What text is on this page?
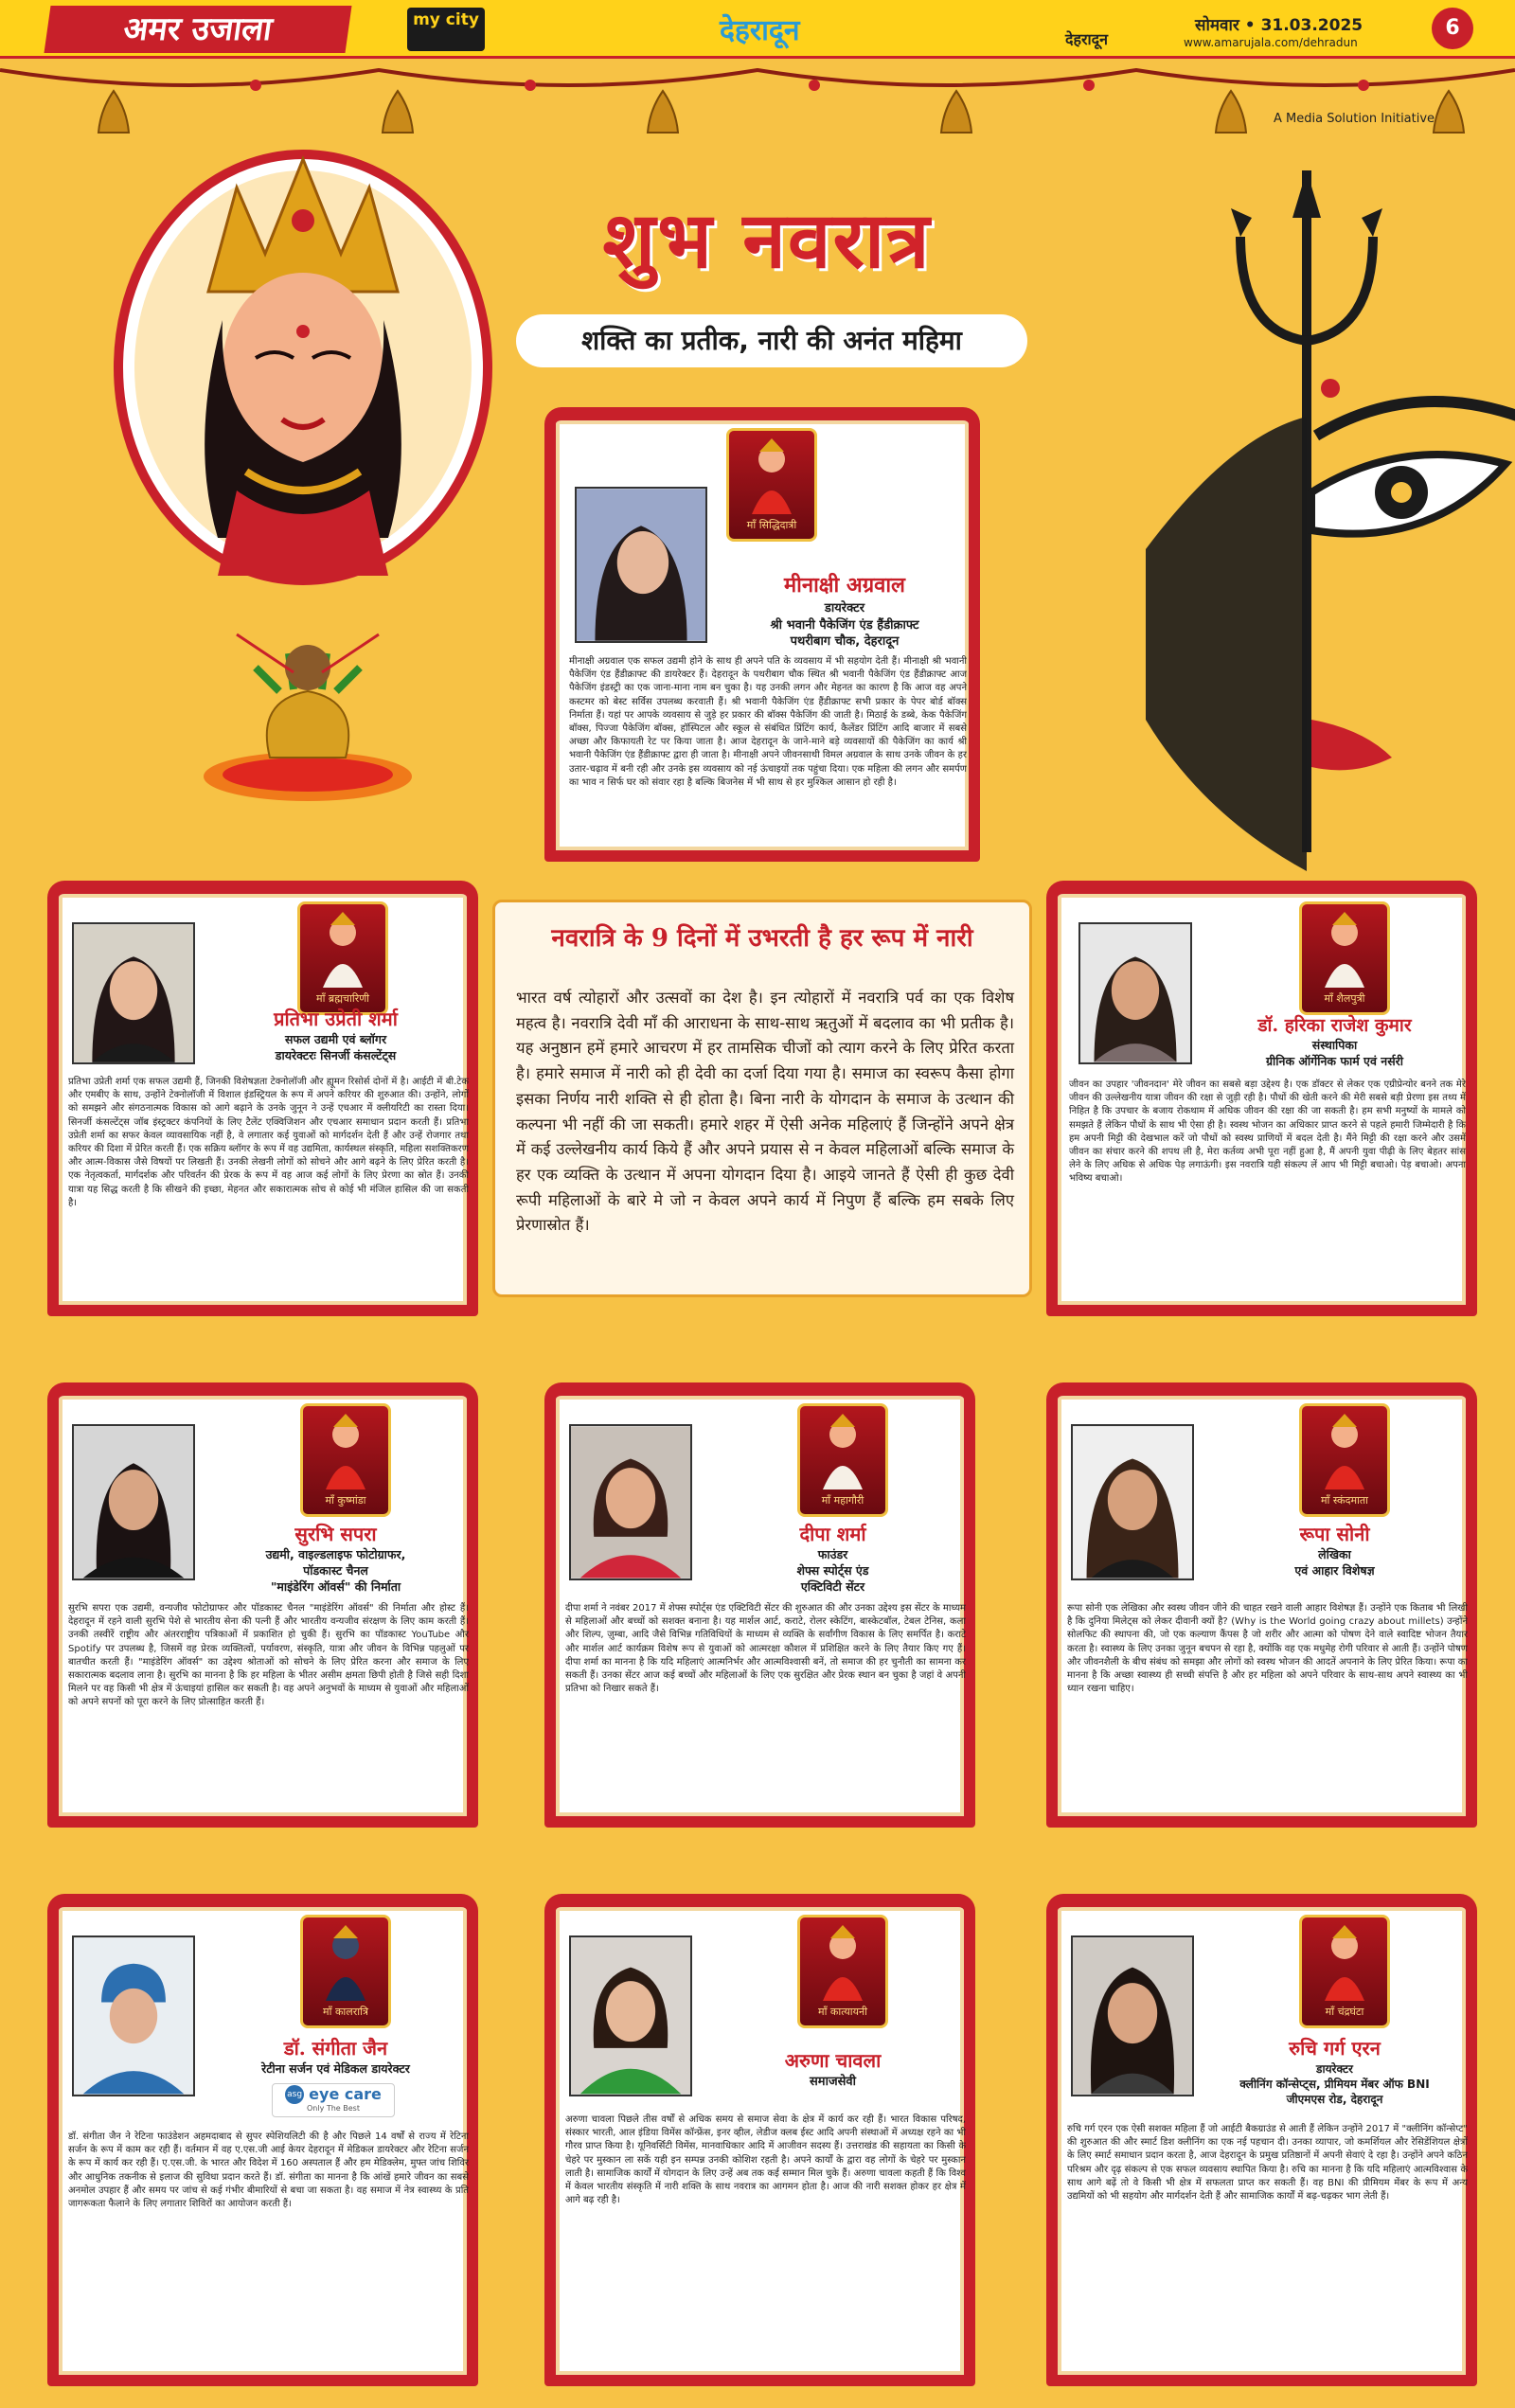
अमर उजाला	my city	देहरादून	देहरादून
सोमवार • 31.03.2025
www.amarujala.com/dehradun
6
A Media Solution Initiative
शुभ नवरात्र
शक्ति का प्रतीक, नारी की अनंत महिमा
नवरात्रि के 9 दिनों में उभरती है हर रूप में नारी
भारत वर्ष त्योहारों और उत्सवों का देश है। इन त्योहारों में नवरात्रि पर्व का एक विशेष महत्व है। नवरात्रि देवी माँ की आराधना के साथ-साथ ऋतुओं में बदलाव का भी प्रतीक है। यह अनुष्ठान हमें हमारे आचरण में हर तामसिक चीजों को त्याग करने के लिए प्रेरित करता है। हमारे समाज में नारी को ही देवी का दर्जा दिया गया है। समाज का स्वरूप कैसा होगा इसका निर्णय नारी शक्ति से ही होता है। बिना नारी के योगदान के समाज के उत्थान की कल्पना भी नहीं की जा सकती। हमारे शहर में ऐसी अनेक महिलाएं हैं जिन्होंने अपने क्षेत्र में कई उल्लेखनीय कार्य किये हैं और अपने प्रयास से न केवल महिलाओं बल्कि समाज के हर एक व्यक्ति के उत्थान में अपना योगदान दिया है। आइये जानते हैं ऐसी ही कुछ देवी रूपी महिलाओं के बारे मे जो न केवल अपने कार्य में निपुण हैं बल्कि हम सबके लिए प्रेरणास्रोत हैं।
माँ सिद्धिदात्री
मीनाक्षी अग्रवाल
डायरेक्टर
श्री भवानी पैकेजिंग एंड हैंडीक्राफ्ट
पथरीबाग चौक, देहरादून
मीनाक्षी अग्रवाल एक सफल उद्यमी होने के साथ ही अपने पति के व्यवसाय में भी सहयोग देती हैं। मीनाक्षी श्री भवानी पैकेजिंग एंड हैंडीक्राफ्ट की डायरेक्टर हैं। देहरादून के पथरीबाग चौक स्थित श्री भवानी पैकेजिंग एंड हैंडीक्राफ्ट आज पैकेजिंग इंडस्ट्री का एक जाना-माना नाम बन चुका है। यह उनकी लगन और मेहनत का कारण है कि आज वह अपने कस्टमर को बेस्ट सर्विस उपलब्ध करवाती हैं। श्री भवानी पैकेजिंग एंड हैंडीक्राफ्ट सभी प्रकार के पेपर बोर्ड बॉक्स निर्माता हैं। यहां पर आपके व्यवसाय से जुड़े हर प्रकार की बॉक्स पैकेजिंग की जाती है। मिठाई के डब्बे, केक पैकेजिंग बॉक्स, पिज्जा पैकेजिंग बॉक्स, हॉस्पिटल और स्कूल से संबंधित प्रिंटिंग कार्य, कैलेंडर प्रिंटिंग आदि बाजार में सबसे अच्छा और किफायती रेट पर किया जाता है। आज देहरादून के जाने-माने बड़े व्यवसायों की पैकेजिंग का कार्य श्री भवानी पैकेजिंग एंड हैंडीक्राफ्ट द्वारा ही जाता है। मीनाक्षी अपने जीवनसाथी विमल अग्रवाल के साथ उनके जीवन के हर उतार-चढ़ाव में बनी रही और उनके इस व्यवसाय को नई ऊंचाइयों तक पहुंचा दिया। एक महिला की लगन और समर्पण का भाव न सिर्फ घर को संवार रहा है बल्कि बिजनेस में भी साथ से हर मुश्किल आसान हो रही है।
माँ ब्रह्मचारिणी
प्रतिभा उप्रेती शर्मा
सफल उद्यमी एवं ब्लॉगर
डायरेक्टरः सिनर्जी कंसल्टेंट्स
प्रतिभा उप्रेती शर्मा एक सफल उद्यमी हैं, जिनकी विशेषज्ञता टेक्नोलॉजी और ह्यूमन रिसोर्स दोनों में है। आईटी में बी.टेक और एमबीए के साथ, उन्होंने टेक्नोलॉजी में विशाल इंडस्ट्रियल के रूप में अपने करियर की शुरुआत की। उन्होंने, लोगों को समझने और संगठनात्मक विकास को आगे बढ़ाने के उनके जुनून ने उन्हें एचआर में क्लीयरिटी का रास्ता दिया। सिनर्जी कंसल्टेंट्स जॉब इंस्ट्रक्टर कंपनियों के लिए टैलेंट एक्विजिशन और एचआर समाधान प्रदान करती हैं। प्रतिभा उप्रेती शर्मा का सफर केवल व्यावसायिक नहीं है, वे लगातार कई युवाओं को मार्गदर्शन देती हैं और उन्हें रोजगार तथा करियर की दिशा में प्रेरित करती हैं। एक सक्रिय ब्लॉगर के रूप में वह उद्यमिता, कार्यस्थल संस्कृति, महिला सशक्तिकरण और आत्म-विकास जैसे विषयों पर लिखती हैं। उनकी लेखनी लोगों को सोचने और आगे बढ़ने के लिए प्रेरित करती है। एक नेतृत्वकर्ता, मार्गदर्शक और परिवर्तन की प्रेरक के रूप में वह आज कई लोगों के लिए प्रेरणा का स्रोत हैं। उनकी यात्रा यह सिद्ध करती है कि सीखने की इच्छा, मेहनत और सकारात्मक सोच से कोई भी मंजिल हासिल की जा सकती है।
माँ शैलपुत्री
डॉ. हरिका राजेश कुमार
संस्थापिका
ग्रीनिक ऑर्गेनिक फार्म एवं नर्सरी
जीवन का उपहार 'जीवनदान' मेरे जीवन का सबसे बड़ा उद्देश्य है। एक डॉक्टर से लेकर एक एग्रीप्रेन्योर बनने तक मेरे जीवन की उल्लेखनीय यात्रा जीवन की रक्षा से जुड़ी रही है। पौधों की खेती करने की मेरी सबसे बड़ी प्रेरणा इस तथ्य में निहित है कि उपचार के बजाय रोकथाम में अधिक जीवन की रक्षा की जा सकती है। हम सभी मनुष्यों के मामले को समझते हैं लेकिन पौधों के साथ भी ऐसा ही है। स्वस्थ भोजन का अधिकार प्राप्त करने से पहले हमारी जिम्मेदारी है कि हम अपनी मिट्टी की देखभाल करें जो पौधों को स्वस्थ प्राणियों में बदल देती है। मैंने मिट्टी की रक्षा करने और उसमें जीवन का संचार करने की शपथ ली है, मेरा कर्तव्य अभी पूरा नहीं हुआ है, मैं अपनी युवा पीढ़ी के लिए बेहतर सांस लेने के लिए अधिक से अधिक पेड़ लगाऊंगी। इस नवरात्रि यही संकल्प लें आप भी मिट्टी बचाओ। पेड़ बचाओ। अपना भविष्य बचाओ।
माँ कुष्मांडा
सुरभि सपरा
उद्यमी, वाइल्डलाइफ फोटोग्राफर,
पॉडकास्ट चैनल
"माइंडेरिंग ऑवर्स" की निर्माता
सुरभि सपरा एक उद्यमी, वन्यजीव फोटोग्राफर और पॉडकास्ट चैनल "माइंडेरिंग ऑवर्स" की निर्माता और होस्ट हैं। देहरादून में रहने वाली सुरभि पेशे से भारतीय सेना की पत्नी हैं और भारतीय वन्यजीव संरक्षण के लिए काम करती हैं। उनकी तस्वीरें राष्ट्रीय और अंतरराष्ट्रीय पत्रिकाओं में प्रकाशित हो चुकी हैं। सुरभि का पॉडकास्ट YouTube और Spotify पर उपलब्ध है, जिसमें वह प्रेरक व्यक्तित्वों, पर्यावरण, संस्कृति, यात्रा और जीवन के विभिन्न पहलुओं पर बातचीत करती हैं। "माइंडेरिंग ऑवर्स" का उद्देश्य श्रोताओं को सोचने के लिए प्रेरित करना और समाज के लिए सकारात्मक बदलाव लाना है। सुरभि का मानना है कि हर महिला के भीतर असीम क्षमता छिपी होती है जिसे सही दिशा मिलने पर वह किसी भी क्षेत्र में ऊंचाइयां हासिल कर सकती है। वह अपने अनुभवों के माध्यम से युवाओं और महिलाओं को अपने सपनों को पूरा करने के लिए प्रोत्साहित करती हैं।
माँ महागौरी
दीपा शर्मा
फाउंडर
शेफ्स स्पोर्ट्स एंड
एक्टिविटी सेंटर
दीपा शर्मा ने नवंबर 2017 में शेफ्स स्पोर्ट्स एंड एक्टिविटी सेंटर की शुरुआत की और उनका उद्देश्य इस सेंटर के माध्यम से महिलाओं और बच्चों को सशक्त बनाना है। यह मार्शल आर्ट, कराटे, रोलर स्केटिंग, बास्केटबॉल, टेबल टेनिस, कला और शिल्प, ज़ुम्बा, आदि जैसे विभिन्न गतिविधियों के माध्यम से व्यक्ति के सर्वांगीण विकास के लिए समर्पित है। कराटे और मार्शल आर्ट कार्यक्रम विशेष रूप से युवाओं को आत्मरक्षा कौशल में प्रशिक्षित करने के लिए तैयार किए गए हैं। दीपा शर्मा का मानना है कि यदि महिलाएं आत्मनिर्भर और आत्मविश्वासी बनें, तो समाज की हर चुनौती का सामना कर सकती हैं। उनका सेंटर आज कई बच्चों और महिलाओं के लिए एक सुरक्षित और प्रेरक स्थान बन चुका है जहां वे अपनी प्रतिभा को निखार सकते हैं।
माँ स्कंदमाता
रूपा सोनी
लेखिका
एवं आहार विशेषज्ञ
रूपा सोनी एक लेखिका और स्वस्थ जीवन जीने की चाहत रखने वाली आहार विशेषज्ञ हैं। उन्होंने एक किताब भी लिखी है कि दुनिया मिलेट्स को लेकर दीवानी क्यों है? (Why is the World going crazy about millets) उन्होंने सोलफिट की स्थापना की, जो एक कल्याण कैंपस है जो शरीर और आत्मा को पोषण देने वाले स्वादिष्ट भोजन तैयार करता है। स्वास्थ्य के लिए उनका जुनून बचपन से रहा है, क्योंकि वह एक मधुमेह रोगी परिवार से आती हैं। उन्होंने पोषण और जीवनशैली के बीच संबंध को समझा और लोगों को स्वस्थ भोजन की आदतें अपनाने के लिए प्रेरित किया। रूपा का मानना है कि अच्छा स्वास्थ्य ही सच्ची संपत्ति है और हर महिला को अपने परिवार के साथ-साथ अपने स्वास्थ्य का भी ध्यान रखना चाहिए।
माँ कालरात्रि
डॉ. संगीता जैन
रेटीना सर्जन एवं मेडिकल डायरेक्टर
asg eye care
Only The Best
डॉ. संगीता जैन ने रेटिना फाउंडेशन अहमदाबाद से सुपर स्पेशियलिटी की है और पिछले 14 वर्षों से राज्य में रेटिना सर्जन के रूप में काम कर रही हैं। वर्तमान में वह ए.एस.जी आई केयर देहरादून में मेडिकल डायरेक्टर और रेटिना सर्जन के रूप में कार्य कर रही हैं। ए.एस.जी. के भारत और विदेश में 160 अस्पताल हैं और हम मेडिक्लेम, मुफ्त जांच शिविर और आधुनिक तकनीक से इलाज की सुविधा प्रदान करते हैं। डॉ. संगीता का मानना है कि आंखें हमारे जीवन का सबसे अनमोल उपहार हैं और समय पर जांच से कई गंभीर बीमारियों से बचा जा सकता है। वह समाज में नेत्र स्वास्थ्य के प्रति जागरूकता फैलाने के लिए लगातार शिविरों का आयोजन करती हैं।
माँ कात्यायनी
अरुणा चावला
समाजसेवी
अरुणा चावला पिछले तीस वर्षों से अधिक समय से समाज सेवा के क्षेत्र में कार्य कर रही हैं। भारत विकास परिषद, संस्कार भारती, आल इंडिया विमेंस कॉन्फ्रेंस, इनर व्हील, लेडीज क्लब ईस्ट आदि अपनी संस्थाओं में अध्यक्ष रहने का भी गौरव प्राप्त किया है। यूनिवर्सिटी विमेंस, मानवाधिकार आदि में आजीवन सदस्य हैं। उत्तराखंड की सहायता का किसी के चेहरे पर मुस्कान ला सकें यही इन सम्पन्न उनकी कोशिश रहती है। अपने कार्यों के द्वारा वह लोगों के चेहरे पर मुस्कान लाती है। सामाजिक कार्यों में योगदान के लिए उन्हें अब तक कई सम्मान मिल चुके हैं। अरुणा चावला कहती हैं कि विश्व में केवल भारतीय संस्कृति में नारी शक्ति के साथ नवरात्र का आगमन होता है। आज की नारी सशक्त होकर हर क्षेत्र में आगे बढ़ रही है।
माँ चंद्रघंटा
रुचि गर्ग एरन
डायरेक्टर
क्लीनिंग कॉन्सेप्ट्स, प्रीमियम मेंबर ऑफ BNI
जीएमएस रोड, देहरादून
रुचि गर्ग एरन एक ऐसी सशक्त महिला हैं जो आईटी बैकग्राउंड से आती हैं लेकिन उन्होंने 2017 में "क्लीनिंग कॉन्सेप्ट" की शुरुआत की और स्मार्ट डिश क्लीनिंग का एक नई पहचान दी। उनका व्यापार, जो कमर्शियल और रेसिडेंशियल क्षेत्रों के लिए स्मार्ट समाधान प्रदान करता है, आज देहरादून के प्रमुख प्रतिष्ठानों में अपनी सेवाएं दे रहा है। उन्होंने अपने कठिन परिश्रम और दृढ़ संकल्प से एक सफल व्यवसाय स्थापित किया है। रुचि का मानना है कि यदि महिलाएं आत्मविश्वास के साथ आगे बढ़ें तो वे किसी भी क्षेत्र में सफलता प्राप्त कर सकती हैं। वह BNI की प्रीमियम मेंबर के रूप में अन्य उद्यमियों को भी सहयोग और मार्गदर्शन देती हैं और सामाजिक कार्यों में बढ़-चढ़कर भाग लेती हैं।
